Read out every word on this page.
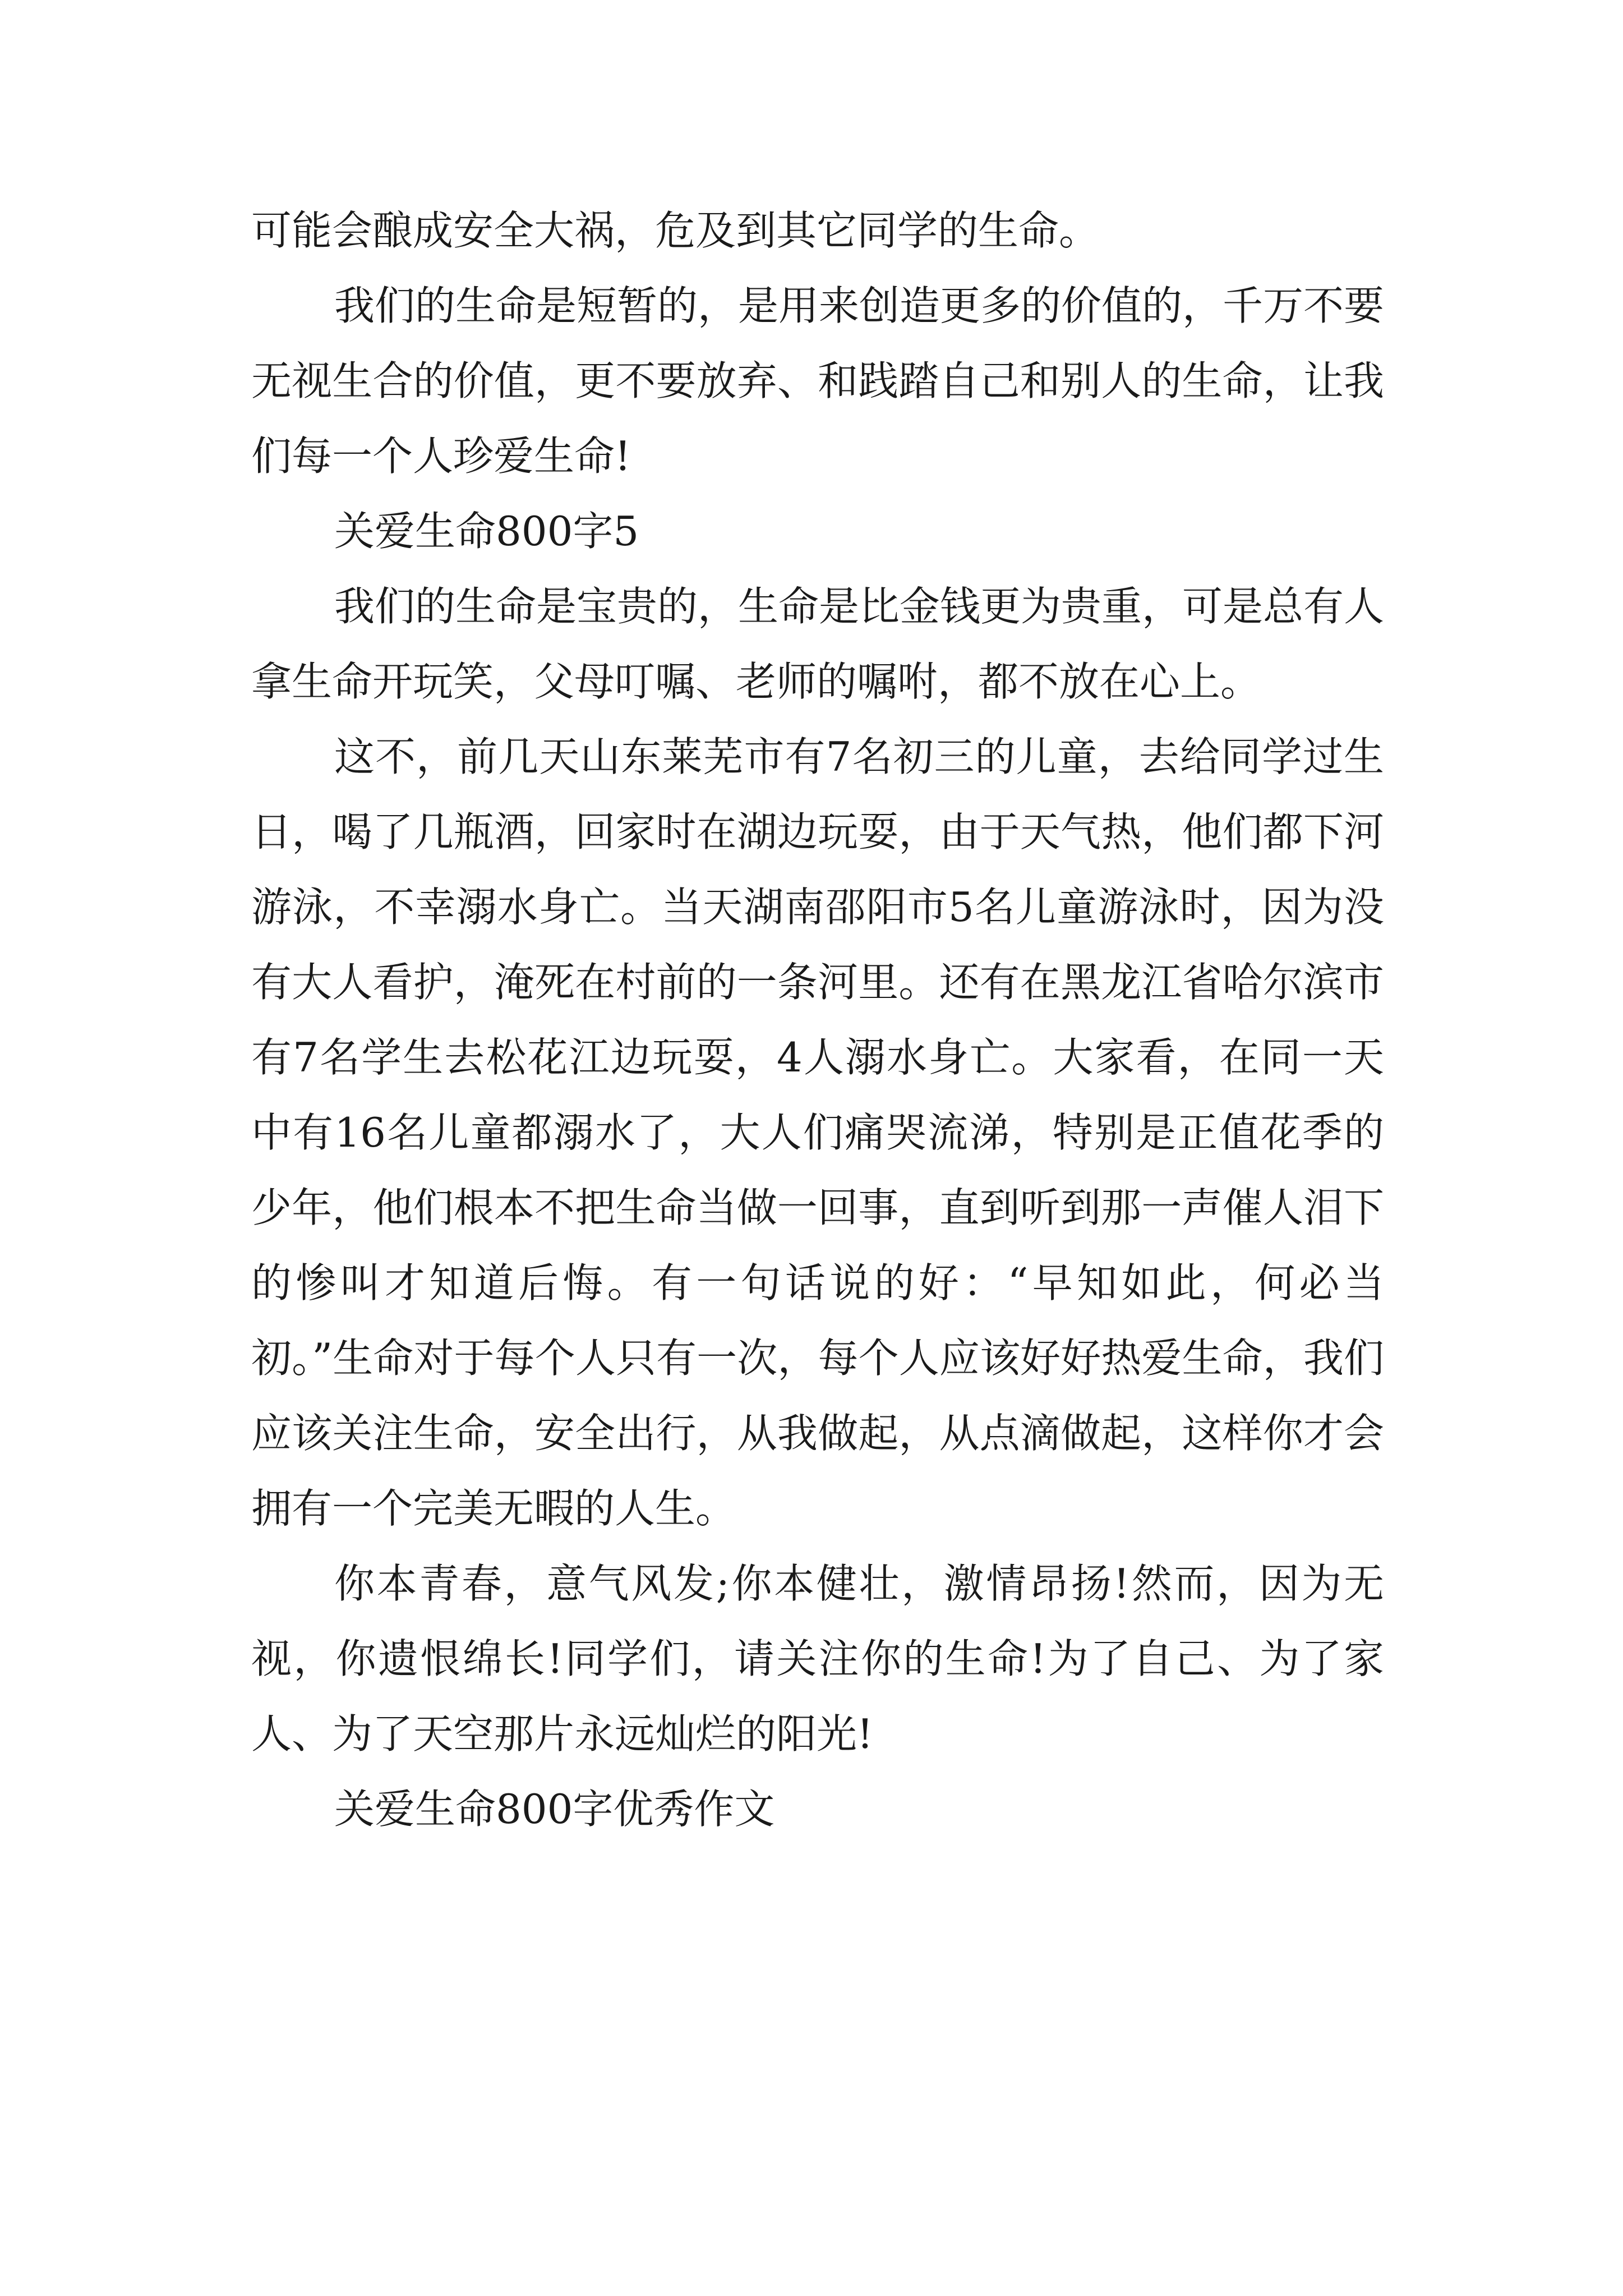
可能会酿成安全大祸，危及到其它同学的生命。

我们的生命是短暂的，是用来创造更多的价值的，千万不要无视生合的价值，更不要放弃、和践踏自己和别人的生命，让我们每一个人珍爱生命!

关爱生命800字5

我们的生命是宝贵的，生命是比金钱更为贵重，可是总有人拿生命开玩笑，父母叮嘱、老师的嘱咐，都不放在心上。

这不，前几天山东莱芜市有7名初三的儿童，去给同学过生日，喝了几瓶酒，回家时在湖边玩耍，由于天气热，他们都下河游泳，不幸溺水身亡。当天湖南邵阳市5名儿童游泳时，因为没有大人看护，淹死在村前的一条河里。还有在黑龙江省哈尔滨市有7名学生去松花江边玩耍，4人溺水身亡。大家看，在同一天中有16名儿童都溺水了，大人们痛哭流涕，特别是正值花季的少年，他们根本不把生命当做一回事，直到听到那一声催人泪下的惨叫才知道后悔。有一句话说的好：“早知如此，何必当初。”生命对于每个人只有一次，每个人应该好好热爱生命，我们应该关注生命，安全出行，从我做起，从点滴做起，这样你才会拥有一个完美无暇的人生。

你本青春，意气风发;你本健壮，激情昂扬!然而，因为无视，你遗恨绵长!同学们，请关注你的生命!为了自己、为了家人、为了天空那片永远灿烂的阳光!

关爱生命800字优秀作文
